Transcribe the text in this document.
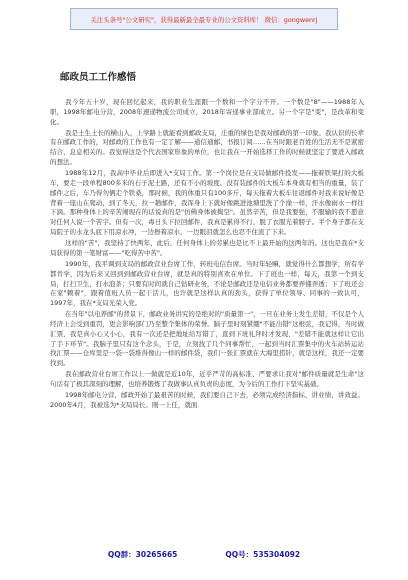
关注头条号"公文研究"，获得最新最全最专业的公文资料库！ 微信：gongwenrj
邮政员工工作感悟

我今年五十岁，现在回忆起来，我的职业生涯跟一个数和一个字分不开。一个数是"8"——1988年入职，1998年邮电分营，2008年速递物流公司成立，2018年寄递事业部成立。另一个字是"变"，是改革和变化。

我是土生土长的横山人，上学路上就能看到邮政支局，庄重的绿色是我对邮政的第一印象。我认识的长辈有在邮政工作的，对邮政的工作也有一定了解——通信通邮、书报订阅……在当时跟老百姓的生活无不是紧密结合，息息相关的。我觉得这是个代表国家形象的单位，也让我在一开始选择工作的时候就坚定了要进入邮政的想法。

1988年12月，我高中毕业后即进入*支局工作。第一个岗位是在支局做邮件投发——拖着铁架打的大板车，要走一段单程800多米的石子泥土路，还有不小的坡度。没有装邮件的大板车本身就有相当的重量，装了邮件之后，车乃得勿俩走个铁桑，那时候，我的体重只有100多斤，每天拖着大板车往返邮件对我来说好像是背着一座山在爬动，到了冬天，拉一趟邮件，我浑身上下就好像跳进池塘里洗了个澡一样，汗水像雨水一样往下滴。那种身体上的辛苦闹现在的话说真的是"仿佛身体被掏空"。虽然辛苦，但是我要强，不服输的我不愿意对任何人说一个苦字。但有一次，毒日头下拉回邮件，我真是累得不行，脱了衣服光着膀子。半个身子都在支局院子的水龙头底下用凉水冲，一边擦着凉水，一边眼泪就怎么也忍不住流了下来。

这样的"苦"，我坚持了快两年，此后，任何身体上的劳累也是比不上最开始的这两年的。这也是我在*支局获得的第一笔财富——"吃得苦中苦"。

1990年，我平调到支局的邮政营业台席工作，转班电信台席。当时年轻嘛，就觉得什么都想学，所有学都肯学，因为后来又回到到邮政营业台席，就是真的特别喜欢在单位。下了班也一样，每天，我第一个到支局，打扫卫生、打水泡茶；只要有时间就自己钻研业务，不论是邮政还是电信业务都要弄懂弄透；下了班还会在家"赖着"，跟着值班人员一起干活儿，也许就是这样认真的劲头，获得了单位领导、同事的一致认可，1997年，我在*支局光荣入党。

在当年"以电养邮"的背景下，邮政业务讲究的是绝对的"质量第一"，一旦在业务上发生差错，不仅是个人经济上会受到重罚，更会影响部门乃至整个集体的荣誉。脑子里时刻紧绷"不能出错"这根弦，我记得，当时做汇票，我是真小心又小心，我有一次还是把地址给写错了，直到下班礼拜时才发现，"差错不能就这样让它出了手下环节"。我脑子里只有这个念头，于是，立刻找了几个同事帮忙，一起到当时汇票集中的火车站转运站找汇票——仓库里是一袋一袋堆得像山一样的邮件袋，我们一张汇票就在大海里捞针，就是这样，我还一定要找到。

我在邮政营业台席工作以上一做就是近10年，近乎严苛的高标准、严要求让我对"邮件质量就是生命"这句话有了极其深刻的理解，也培养锻炼了我做事认真负责的态度，为今后的工作打下坚实基础。

1998年邮电分营，邮政开始了最艰苦的时候，我们要自己下去，必须完成经济指标，讲业绩，讲效益。2000年4月，我被选为*支局局长。刚一上任，就面

QQ群：30265665	QQ号：535304092
